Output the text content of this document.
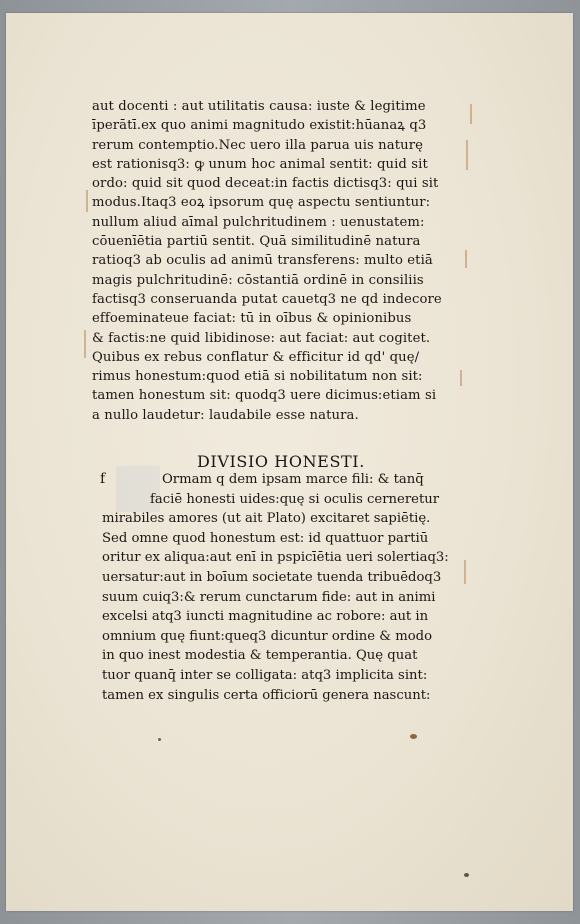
aut docenti : aut utilitatis causa: iuste & legitime
īperātī.ex quo animi magnitudo existit:hūanaꝝ q3
rerum contemptio.Nec uero illa parua uis naturę
est rationisq3: ꝙ unum hoc animal sentit: quid sit
ordo: quid sit quod deceat:in factis dictisq3: qui sit
modus.Itaq3 eoꝝ ipsorum quę aspectu sentiuntur:
nullum aliud aīmal pulchritudinem : uenustatem:
cōuenīētia partiū sentit. Quā similitudinē natura
ratioq3 ab oculis ad animū transferens: multo etiā
magis pulchritudinē: cōstantiā ordinē in consiliis
factisq3 conseruanda putat cauetq3 ne qd indecore
effoeminateue faciat: tū in oībus & opinionibus
& factis:ne quid libidinose: aut faciat: aut cogitet.
Quibus ex rebus conflatur & efficitur id qd' quę/
rimus honestum:quod etiā si nobilitatum non sit:
tamen honestum sit: quodq3 uere dicimus:etiam si
a nullo laudetur: laudabile esse natura.
DIVISIO HONESTI.
f	Ormam q dem ipsam marce fili: & tanq̄
faciē honesti uides:quę si oculis cerneretur
mirabiles amores (ut ait Plato) excitaret sapiētię.
Sed omne quod honestum est: id quattuor partiū
oritur ex aliqua:aut enī in pspicīētia ueri solertiaq3:
uersatur:aut in boīum societate tuenda tribuēdoq3
suum cuiq3:& rerum cunctarum fide: aut in animi
excelsi atq3 iuncti magnitudine ac robore: aut in
omnium quę fiunt:queq3 dicuntur ordine & modo
in quo inest modestia & temperantia. Quę quat
tuor quanq̄ inter se colligata: atq3 implicita sint:
tamen ex singulis certa officiorū genera nascunt:
